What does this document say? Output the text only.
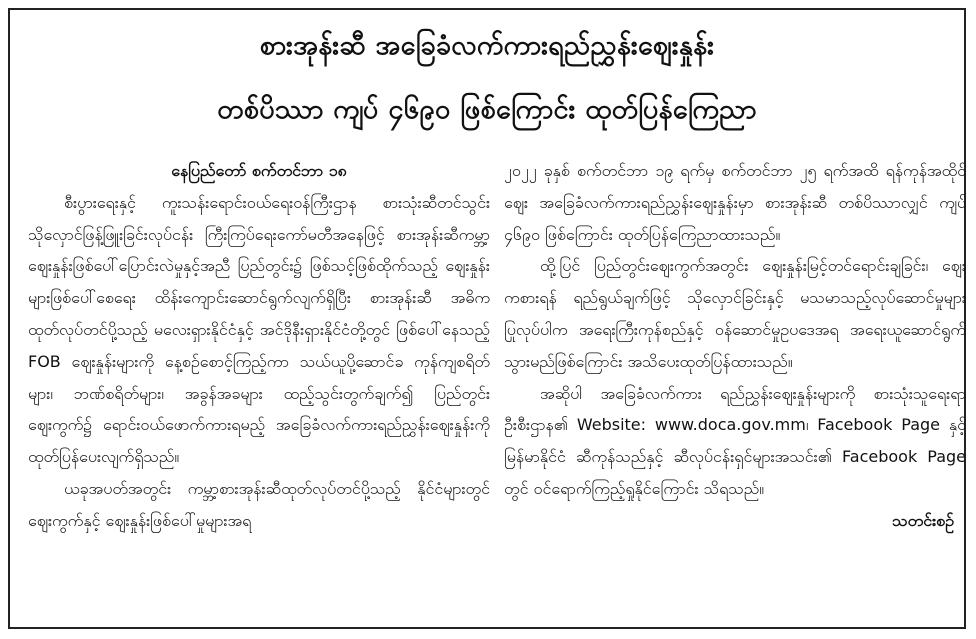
စားအုန်းဆီ အခြေခံလက်ကားရည်ညွှန်းဈေးနှုန်း
တစ်ပိဿာ ကျပ် ၄၆၉၀ ဖြစ်ကြောင်း ထုတ်ပြန်ကြေညာ

နေပြည်တော် စက်တင်ဘာ ၁၈

စီးပွားရေးနှင့် ကူးသန်းရောင်းဝယ်ရေးဝန်ကြီးဌာန စားသုံးဆီတင်သွင်းသိုလှောင်ဖြန့်ဖြူးခြင်းလုပ်ငန်း ကြီးကြပ်ရေးကော်မတီအနေဖြင့် စားအုန်းဆီကမ္ဘာ့ဈေးနှုန်းဖြစ်ပေါ်ပြောင်းလဲမှုနှင့်အညီ ပြည်တွင်း၌ ဖြစ်သင့်ဖြစ်ထိုက်သည့် ဈေးနှုန်းများဖြစ်ပေါ်စေရေး ထိန်းကျောင်းဆောင်ရွက်လျက်ရှိပြီး စားအုန်းဆီ အဓိကထုတ်လုပ်တင်ပို့သည့် မလေးရှားနိုင်ငံနှင့် အင်ဒိုနီးရှားနိုင်ငံတို့တွင် ဖြစ်ပေါ်နေသည့် FOB ဈေးနှုန်းများကို နေ့စဉ်စောင့်ကြည့်ကာ သယ်ယူပို့ဆောင်ခ ကုန်ကျစရိတ်များ၊ ဘဏ်စရိတ်များ၊ အခွန်အခများ ထည့်သွင်းတွက်ချက်၍ ပြည်တွင်းဈေးကွက်၌ ရောင်းဝယ်ဖောက်ကားရမည့် အခြေခံလက်ကားရည်ညွှန်းဈေးနှုန်းကို ထုတ်ပြန်ပေးလျက်ရှိသည်။

ယခုအပတ်အတွင်း ကမ္ဘာ့စားအုန်းဆီထုတ်လုပ်တင်ပို့သည့် နိုင်ငံများတွင် ဈေးကွက်နှင့် ဈေးနှုန်းဖြစ်ပေါ်မှုများအရ

၂၀၂၂ ခုနှစ် စက်တင်ဘာ ၁၉ ရက်မှ စက်တင်ဘာ ၂၅ ရက်အထိ ရန်ကုန်အထိုင်ဈေး အခြေခံလက်ကားရည်ညွှန်းဈေးနှုန်းမှာ စားအုန်းဆီ တစ်ပိဿာလျှင် ကျပ် ၄၆၉၀ ဖြစ်ကြောင်း ထုတ်ပြန်ကြေညာထားသည်။

ထို့ပြင် ပြည်တွင်းဈေးကွက်အတွင်း ဈေးနှုန်းမြင့်တင်ရောင်းချခြင်း၊ ဈေးကစားရန် ရည်ရွယ်ချက်ဖြင့် သိုလှောင်ခြင်းနှင့် မသမာသည့်လုပ်ဆောင်မှုများ ပြုလုပ်ပါက အရေးကြီးကုန်စည်နှင့် ဝန်ဆောင်မှုဥပဒေအရ အရေးယူဆောင်ရွက်သွားမည်ဖြစ်ကြောင်း အသိပေးထုတ်ပြန်ထားသည်။

အဆိုပါ အခြေခံလက်ကား ရည်ညွှန်းဈေးနှုန်းများကို စားသုံးသူရေးရာဦးစီးဌာန၏ Website: www.doca.gov.mm၊ Facebook Page နှင့် မြန်မာနိုင်ငံ ဆီကုန်သည်နှင့် ဆီလုပ်ငန်းရှင်များအသင်း၏ Facebook Page တွင် ဝင်ရောက်ကြည့်ရှုနိုင်ကြောင်း သိရသည်။

သတင်းစဉ်
